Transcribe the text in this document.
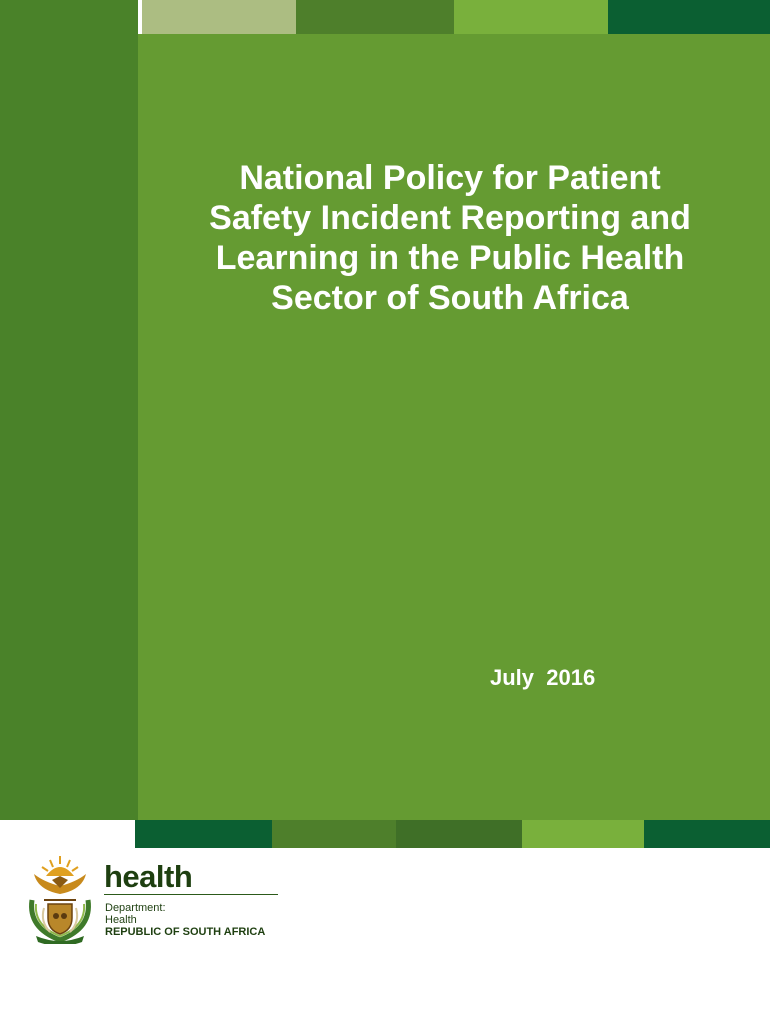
National Policy for Patient
Safety Incident Reporting and
Learning in the Public Health
Sector of South Africa
July  2016
health
Department:
Health
REPUBLIC OF SOUTH AFRICA
